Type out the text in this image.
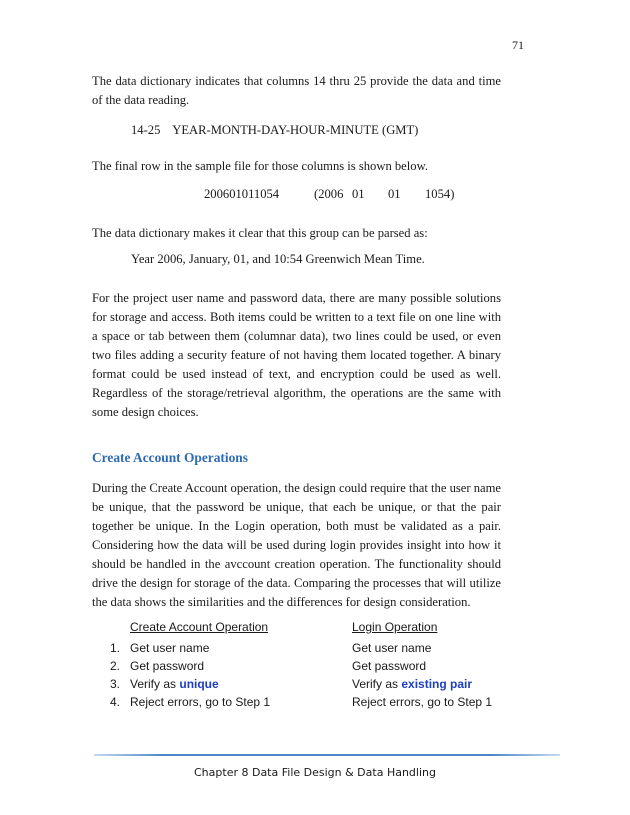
71
The data dictionary indicates that columns 14 thru 25 provide the data and time of the data reading.
14-25 YEAR-MONTH-DAY-HOUR-MINUTE (GMT)
The final row in the sample file for those columns is shown below.
200601011054	(2006 01 01 1054)
The data dictionary makes it clear that this group can be parsed as:
Year 2006, January, 01, and 10:54 Greenwich Mean Time.
For the project user name and password data, there are many possible solutions for storage and access. Both items could be written to a text file on one line with a space or tab between them (columnar data), two lines could be used, or even two files adding a security feature of not having them located together. A binary format could be used instead of text, and encryption could be used as well. Regardless of the storage/retrieval algorithm, the operations are the same with some design choices.
Create Account Operations
During the Create Account operation, the design could require that the user name be unique, that the password be unique, that each be unique, or that the pair together be unique. In the Login operation, both must be validated as a pair. Considering how the data will be used during login provides insight into how it should be handled in the avccount creation operation. The functionality should drive the design for storage of the data. Comparing the processes that will utilize the data shows the similarities and the differences for design consideration.
Create Account Operation	Login Operation
1. Get user name	Get user name
2. Get password	Get password
3. Verify as unique	Verify as existing pair
4. Reject errors, go to Step 1	Reject errors, go to Step 1
Chapter 8 Data File Design & Data Handling
